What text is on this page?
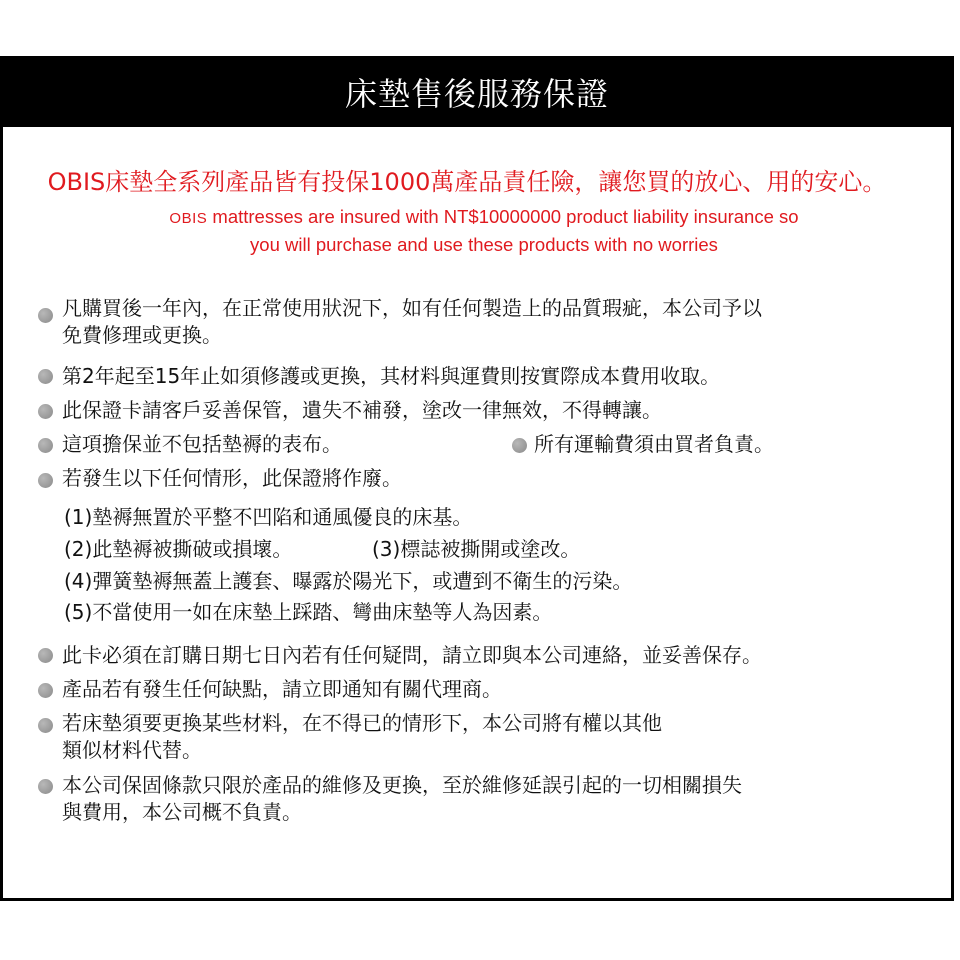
床墊售後服務保證
OBIS床墊全系列產品皆有投保1000萬產品責任險，讓您買的放心、用的安心。
OBIS mattresses are insured with NT$10000000 product liability insurance so
you will purchase and use these products with no worries
凡購買後一年內，在正常使用狀況下，如有任何製造上的品質瑕疵，本公司予以
免費修理或更換。
第2年起至15年止如須修護或更換，其材料與運費則按實際成本費用收取。
此保證卡請客戶妥善保管，遺失不補發，塗改一律無效，不得轉讓。
這項擔保並不包括墊褥的表布。	所有運輸費須由買者負責。
若發生以下任何情形，此保證將作廢。
(1)墊褥無置於平整不凹陷和通風優良的床基。
(2)此墊褥被撕破或損壞。	(3)標誌被撕開或塗改。
(4)彈簧墊褥無蓋上護套、曝露於陽光下，或遭到不衛生的污染。
(5)不當使用一如在床墊上踩踏、彎曲床墊等人為因素。
此卡必須在訂購日期七日內若有任何疑問，請立即與本公司連絡，並妥善保存。
產品若有發生任何缺點，請立即通知有關代理商。
若床墊須要更換某些材料，在不得已的情形下，本公司將有權以其他
類似材料代替。
本公司保固條款只限於產品的維修及更換，至於維修延誤引起的一切相關損失
與費用，本公司概不負責。
